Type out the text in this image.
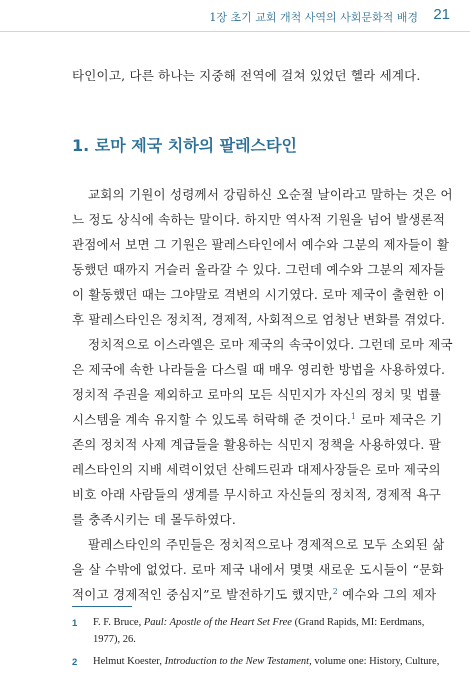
1장 초기 교회 개척 사역의 사회문화적 배경 21
타인이고, 다른 하나는 지중해 전역에 걸쳐 있었던 헬라 세계다.
1. 로마 제국 치하의 팔레스타인
교회의 기원이 성령께서 강림하신 오순절 날이라고 말하는 것은 어
느 정도 상식에 속하는 말이다. 하지만 역사적 기원을 넘어 발생론적
관점에서 보면 그 기원은 팔레스타인에서 예수와 그분의 제자들이 활
동했던 때까지 거슬러 올라갈 수 있다. 그런데 예수와 그분의 제자들
이 활동했던 때는 그야말로 격변의 시기였다. 로마 제국이 출현한 이
후 팔레스타인은 정치적, 경제적, 사회적으로 엄청난 변화를 겪었다.
정치적으로 이스라엘은 로마 제국의 속국이었다. 그런데 로마 제국
은 제국에 속한 나라들을 다스릴 때 매우 영리한 방법을 사용하였다.
정치적 주권을 제외하고 로마의 모든 식민지가 자신의 정치 및 법률
시스템을 계속 유지할 수 있도록 허락해 준 것이다.$^1$ 로마 제국은 기
존의 정치적 사제 계급들을 활용하는 식민지 정책을 사용하였다. 팔
레스타인의 지배 세력이었던 산헤드린과 대제사장들은 로마 제국의
비호 아래 사람들의 생계를 무시하고 자신들의 정치적, 경제적 욕구
를 충족시키는 데 몰두하였다.
팔레스타인의 주민들은 정치적으로나 경제적으로 모두 소외된 삶
을 살 수밖에 없었다. 로마 제국 내에서 몇몇 새로운 도시들이 “문화
적이고 경제적인 중심지”로 발전하기도 했지만,$^2$ 예수와 그의 제자
1 F. F. Bruce, Paul: Apostle of the Heart Set Free (Grand Rapids, MI: Eerdmans,
1977), 26.
2 Helmut Koester, Introduction to the New Testament, volume one: History, Culture,
